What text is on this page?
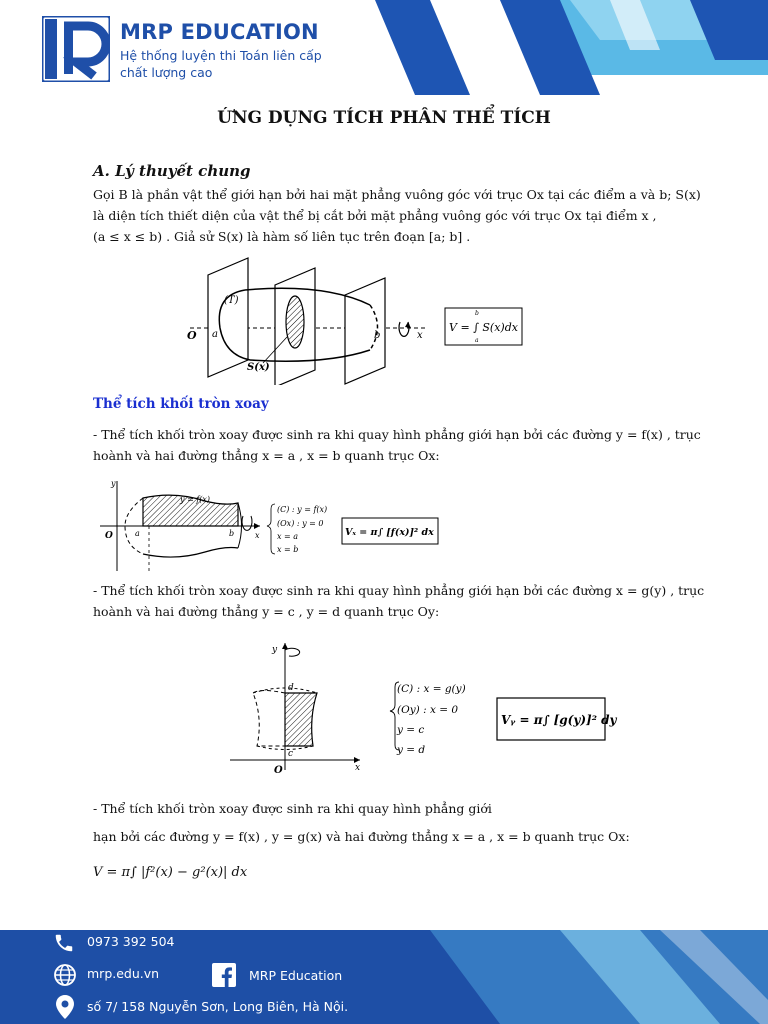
MRP EDUCATION
Hệ thống luyện thi Toán liên cấp chất lượng cao
ỨNG DỤNG TÍCH PHÂN THỂ TÍCH
A. Lý thuyết chung
Gọi B là phần vật thể giới hạn bởi hai mặt phẳng vuông góc với trục Ox tại các điểm a và b; S(x)
là diện tích thiết diện của vật thể bị cắt bởi mặt phẳng vuông góc với trục Ox tại điểm x ,
(a ≤ x ≤ b) . Giả sử S(x) là hàm số liên tục trên đoạn [a; b] .
O a	b	x
(T)
S(x)
V = ∫ S(x)dx
b
a
Thể tích khối tròn xoay
- Thể tích khối tròn xoay được sinh ra khi quay hình phẳng giới hạn bởi các đường y = f(x) , trục
hoành và hai đường thẳng x = a , x = b quanh trục Ox:
y
O	a	b	x
y = f(x)
(C) : y = f(x)
(Ox) : y = 0
x = a
x = b
Vₓ = π∫ [f(x)]² dx
- Thể tích khối tròn xoay được sinh ra khi quay hình phẳng giới hạn bởi các đường x = g(y) , trục
hoành và hai đường thẳng y = c , y = d quanh trục Oy:
y
O
d
c
x
(C) : x = g(y)
(Oy) : x = 0
y = c
y = d
Vᵧ = π∫ [g(y)]² dy
- Thể tích khối tròn xoay được sinh ra khi quay hình phẳng giới
hạn bởi các đường y = f(x) , y = g(x) và hai đường thẳng x = a , x = b quanh trục Ox:
V = π∫ |f²(x) − g²(x)| dx
0973 392 504
mrp.edu.vn	MRP Education
số 7/ 158 Nguyễn Sơn, Long Biên, Hà Nội.
